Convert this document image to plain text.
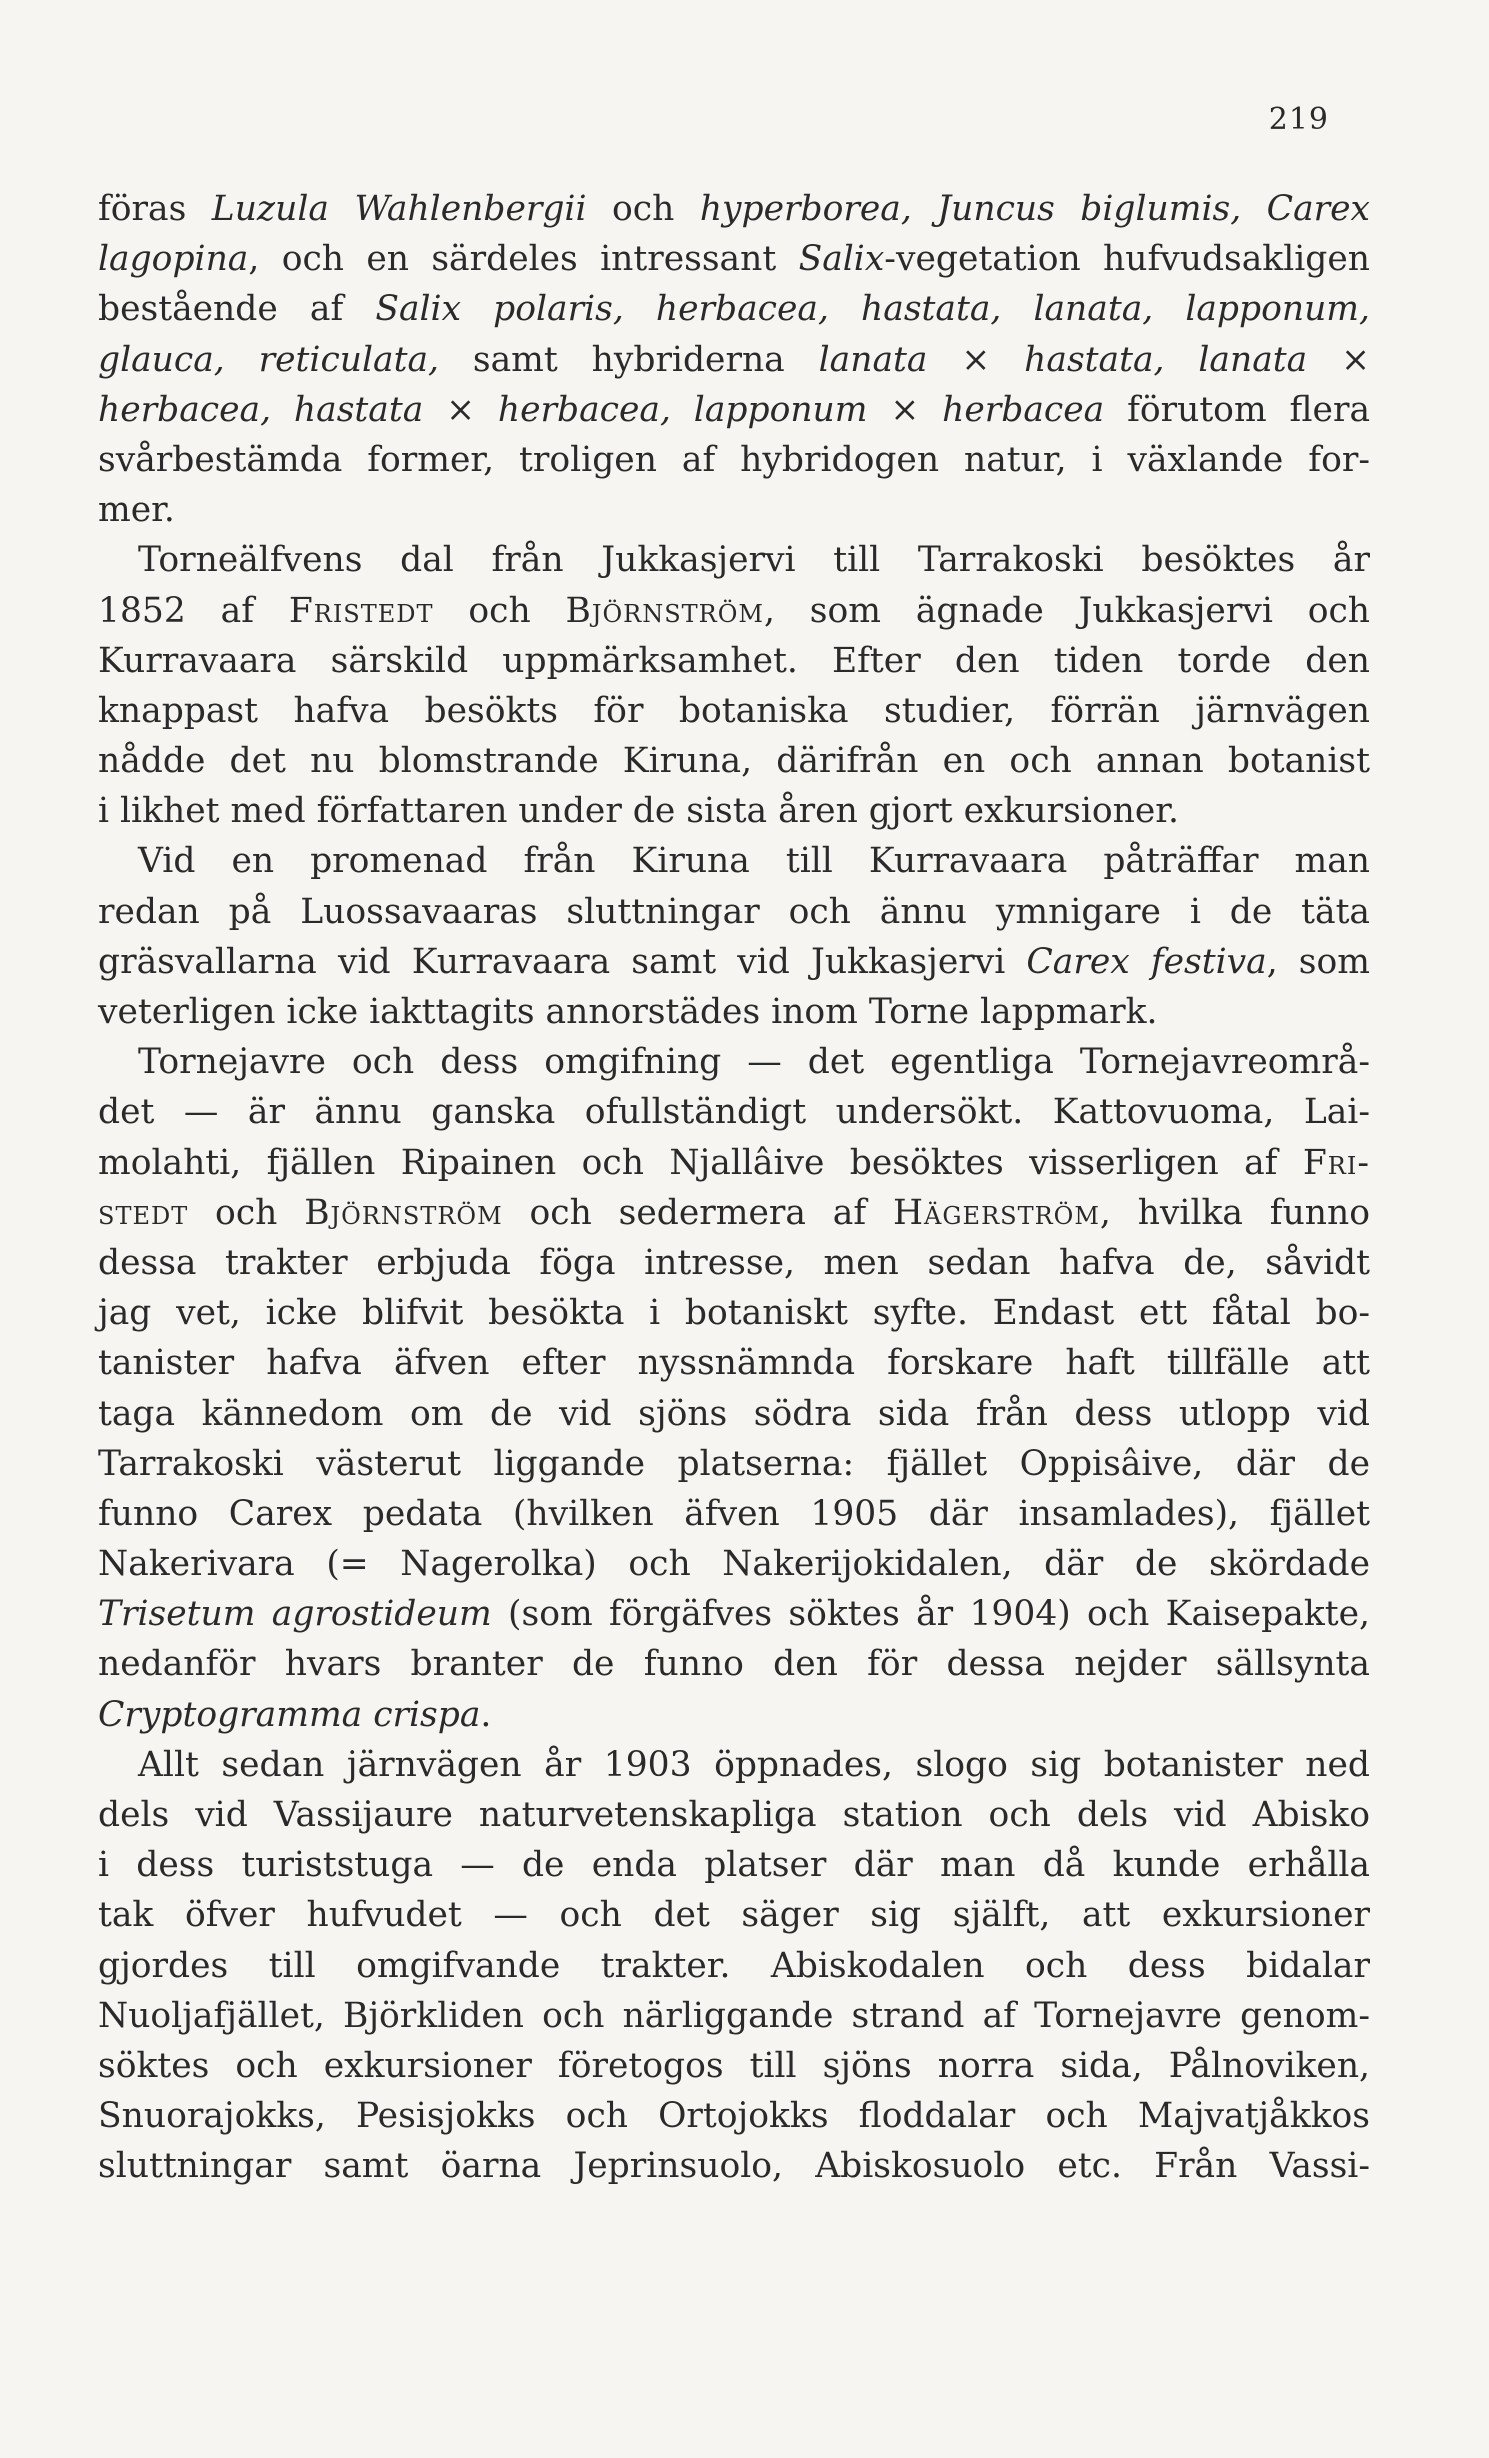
219
föras Luzula Wahlenbergii och hyperborea, Juncus biglumis, Carex
lagopina, och en särdeles intressant Salix-vegetation hufvudsakligen
bestående af Salix polaris, herbacea, hastata, lanata, lapponum,
glauca, reticulata, samt hybriderna lanata × hastata, lanata ×
herbacea, hastata × herbacea, lapponum × herbacea förutom flera
svårbestämda former, troligen af hybridogen natur, i växlande for-
mer.
Torneälfvens dal från Jukkasjervi till Tarrakoski besöktes år
1852 af Fristedt och Björnström, som ägnade Jukkasjervi och
Kurravaara särskild uppmärksamhet. Efter den tiden torde den
knappast hafva besökts för botaniska studier, förrän järnvägen
nådde det nu blomstrande Kiruna, därifrån en och annan botanist
i likhet med författaren under de sista åren gjort exkursioner.
Vid en promenad från Kiruna till Kurravaara påträffar man
redan på Luossavaaras sluttningar och ännu ymnigare i de täta
gräsvallarna vid Kurravaara samt vid Jukkasjervi Carex festiva, som
veterligen icke iakttagits annorstädes inom Torne lappmark.
Tornejavre och dess omgifning — det egentliga Tornejavreområ-
det — är ännu ganska ofullständigt undersökt. Kattovuoma, Lai-
molahti, fjällen Ripainen och Njallâive besöktes visserligen af Fri-
stedt och Björnström och sedermera af Hägerström, hvilka funno
dessa trakter erbjuda föga intresse, men sedan hafva de, såvidt
jag vet, icke blifvit besökta i botaniskt syfte. Endast ett fåtal bo-
tanister hafva äfven efter nyssnämnda forskare haft tillfälle att
taga kännedom om de vid sjöns södra sida från dess utlopp vid
Tarrakoski västerut liggande platserna: fjället Oppisâive, där de
funno Carex pedata (hvilken äfven 1905 där insamlades), fjället
Nakerivara (= Nagerolka) och Nakerijokidalen, där de skördade
Trisetum agrostideum (som förgäfves söktes år 1904) och Kaisepakte,
nedanför hvars branter de funno den för dessa nejder sällsynta
Cryptogramma crispa.
Allt sedan järnvägen år 1903 öppnades, slogo sig botanister ned
dels vid Vassijaure naturvetenskapliga station och dels vid Abisko
i dess turiststuga — de enda platser där man då kunde erhålla
tak öfver hufvudet — och det säger sig själft, att exkursioner
gjordes till omgifvande trakter. Abiskodalen och dess bidalar
Nuoljafjället, Björkliden och närliggande strand af Tornejavre genom-
söktes och exkursioner företogos till sjöns norra sida, Pålnoviken,
Snuorajokks, Pesisjokks och Ortojokks floddalar och Majvatjåkkos
sluttningar samt öarna Jeprinsuolo, Abiskosuolo etc. Från Vassi-
